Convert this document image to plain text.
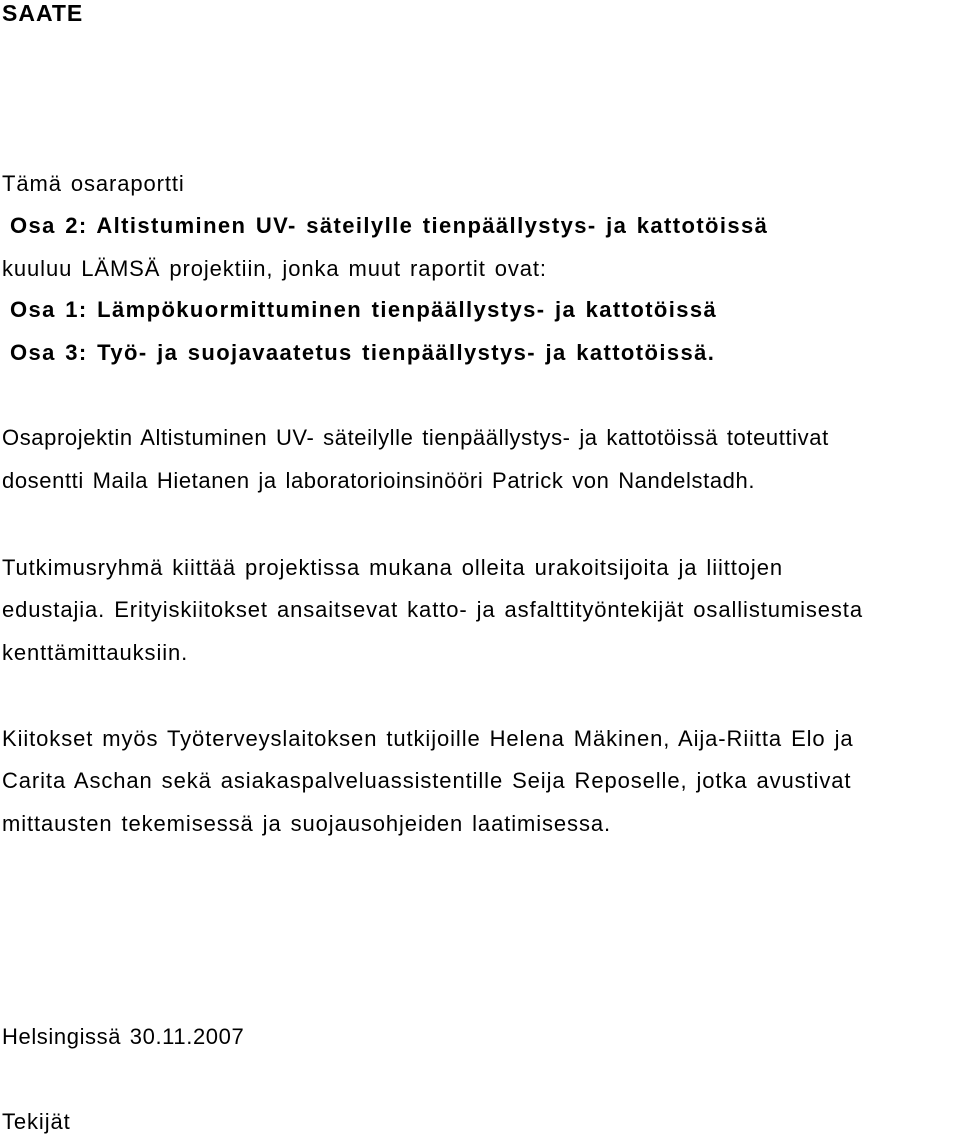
SAATE
Tämä osaraportti
Osa 2: Altistuminen UV- säteilylle tienpäällystys- ja kattotöissä
kuuluu LÄMSÄ projektiin, jonka muut raportit ovat:
Osa 1: Lämpökuormittuminen tienpäällystys- ja kattotöissä
Osa 3: Työ- ja suojavaatetus tienpäällystys- ja kattotöissä.
Osaprojektin Altistuminen UV- säteilylle tienpäällystys- ja kattotöissä toteuttivat
dosentti Maila Hietanen ja laboratorioinsinööri Patrick von Nandelstadh.
Tutkimusryhmä kiittää projektissa mukana olleita urakoitsijoita ja liittojen
edustajia. Erityiskiitokset ansaitsevat katto- ja asfalttityöntekijät osallistumisesta
kenttämittauksiin.
Kiitokset myös Työterveyslaitoksen tutkijoille Helena Mäkinen, Aija-Riitta Elo ja
Carita Aschan sekä asiakaspalveluassistentille Seija Reposelle, jotka avustivat
mittausten tekemisessä ja suojausohjeiden laatimisessa.
Helsingissä 30.11.2007
Tekijät
